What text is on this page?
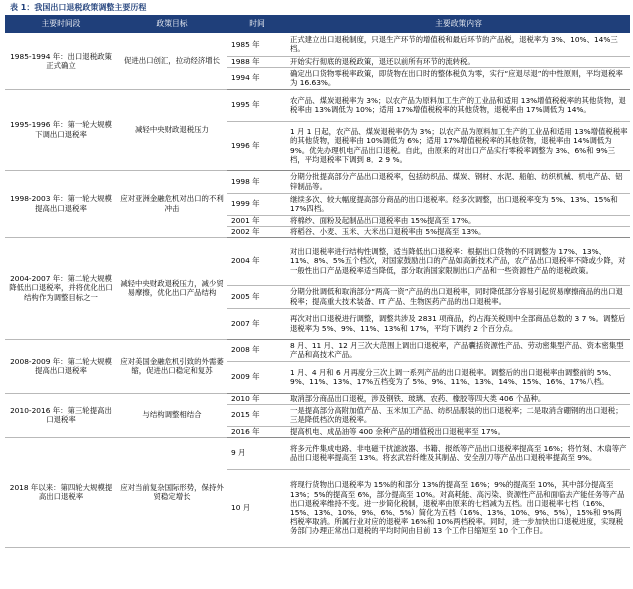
表 1：我国出口退税政策调整主要历程
主要时间段	政策目标	时间	主要政策内容
1985-1994 年：出口退税政策正式确立	促进出口创汇，拉动经济增长	1985 年	正式建立出口退税制度，只退生产环节的增值税和最后环节的产品税，退税率为 3%、10%、14%三档。
		1988 年	开始实行彻底的退税政策，退还以前所有环节的流转税。
		1994 年	确定出口货物零税率政策，即货物在出口时的整体税负为零，实行“应退尽退”的中性原则，平均退税率为 16.63%。
1995-1996 年：第一轮大规模下调出口退税率	减轻中央财政退税压力	1995 年	农产品、煤炭退税率为 3%；以农产品为原料加工生产的工业品和适用 13%增值税税率的其他货物，退税率由 13%调低为 10%；适用 17%增值税税率的其他货物，退税率由 17%调低为 14%。
		1996 年	1 月 1 日起，农产品、煤炭退税率仍为 3%；以农产品为原料加工生产的工业品和适用 13%增值税税率的其他货物，退税率由 10%调低为 6%；适用 17%增值税税率的其他货物，退税率由 14%调低为 9%。优先办理机电产品出口退税。自此，由原来的对出口产品实行零税率调整为 3%、6%和 9%三档，平均退税率下调到 8．2 9 %。
1998-2003 年：第一轮大规模提高出口退税率	应对亚洲金融危机对出口的不利冲击	1998 年	分期分批提高部分产品出口退税率，包括纺织品、煤炭、钢材、水泥、船舶、纺织机械、机电产品、铝锌制品等。
		1999 年	继续多次、较大幅度提高部分商品的出口退税率。经多次调整，出口退税率变为 5%、13%、15%和 17%四档。
		2001 年	将棉纱、面粉及起制品出口退税率由 15%提高至 17%。
		2002 年	将稻谷、小麦、玉米、大米出口退税率由 5%提高至 13%。
2004-2007 年：第二轮大规模降低出口退税率，并将优化出口结构作为调整目标之一	减轻中央财政退税压力，减少贸易摩擦，优化出口产品结构	2004 年	对出口退税率进行结构性调整，适当降低出口退税率：根据出口货物的不同调整为 17%、13%、11%、8%、5%五个档次，对国家鼓励出口的产品如高新技术产品，农产品出口退税率不降或少降，对一般性出口产品退税率适当降低，部分取消国家限制出口产品和一些资源性产品的退税政策。
		2005 年	分期分批调低和取消部分“两高一资”产品的出口退税率，同时降低部分容易引起贸易摩擦商品的出口退税率；提高重大技术装备、IT 产品、生物医药产品的出口退税率。
		2007 年	再次对出口退税进行调整，调整共涉及 2831 项商品，约占海关税则中全部商品总数的 3 7 %。调整后退税率为 5%、9%、11%、13%和 17%，平均下调约 2 个百分点。
2008-2009 年：第二轮大规模提高出口退税率	应对美国金融危机引致的外需萎缩，促进出口稳定和复苏	2008 年	8 月、11 月、12 月三次大范围上调出口退税率，产品囊括资源性产品、劳动密集型产品、资本密集型产品和高技术产品。
		2009 年	1 月、4 月和 6 月再度分三次上调一系列产品的出口退税率。调整后的出口退税率由调整前的 5%、9%、11%、13%、17%五档变为了 5%、9%、11%、13%、14%、15%、16%、17%八档。
2010-2016 年：第三轮提高出口退税率	与结构调整相结合	2010 年	取消部分商品出口退税，涉及钢铁、玻璃、农药、橡胶等四大类 406 个品种。
		2015 年	一是提高部分高附加值产品、玉米加工产品、纺织品服装的出口退税率；二是取消含硼钢的出口退税；三是降低档次的退税率。
		2016 年	提高机电、成品油等 400 余种产品的增值税出口退税率至 17%。
2018 年以来：第四轮大规模提高出口退税率	应对当前复杂国际形势，保持外贸稳定增长	9 月	将多元件集成电路、非电磁干扰滤波器、书籍、报纸等产品出口退税率提高至 16%；将竹刻、木扇等产品出口退税率提高至 13%。将玄武岩纤维及其制品、安全刮刀等产品出口退税率提高至 9%。
		10 月	将现行货物出口退税率为 15%的和部分 13%的提高至 16%；9%的提高至 10%，其中部分提高至 13%；5%的提高至 6%，部分提高至 10%。对高耗能、高污染、资源性产品和面临去产能任务等产品出口退税率维持不变。进一步简化税制，退税率由原来的七档减为五档。出口退税率七档（16%、15%、13%、10%、9%、6%、5%）简化为五档（16%、13%、10%、9%、5%），15%和 9%两档税率取消。所属行业对应的退税率 16%和 10%两档税率。同时，进一步加快出口退税进度，实现税务部门办理正常出口退税的平均时间由目前 13 个工作日缩短至 10 个工作日。
